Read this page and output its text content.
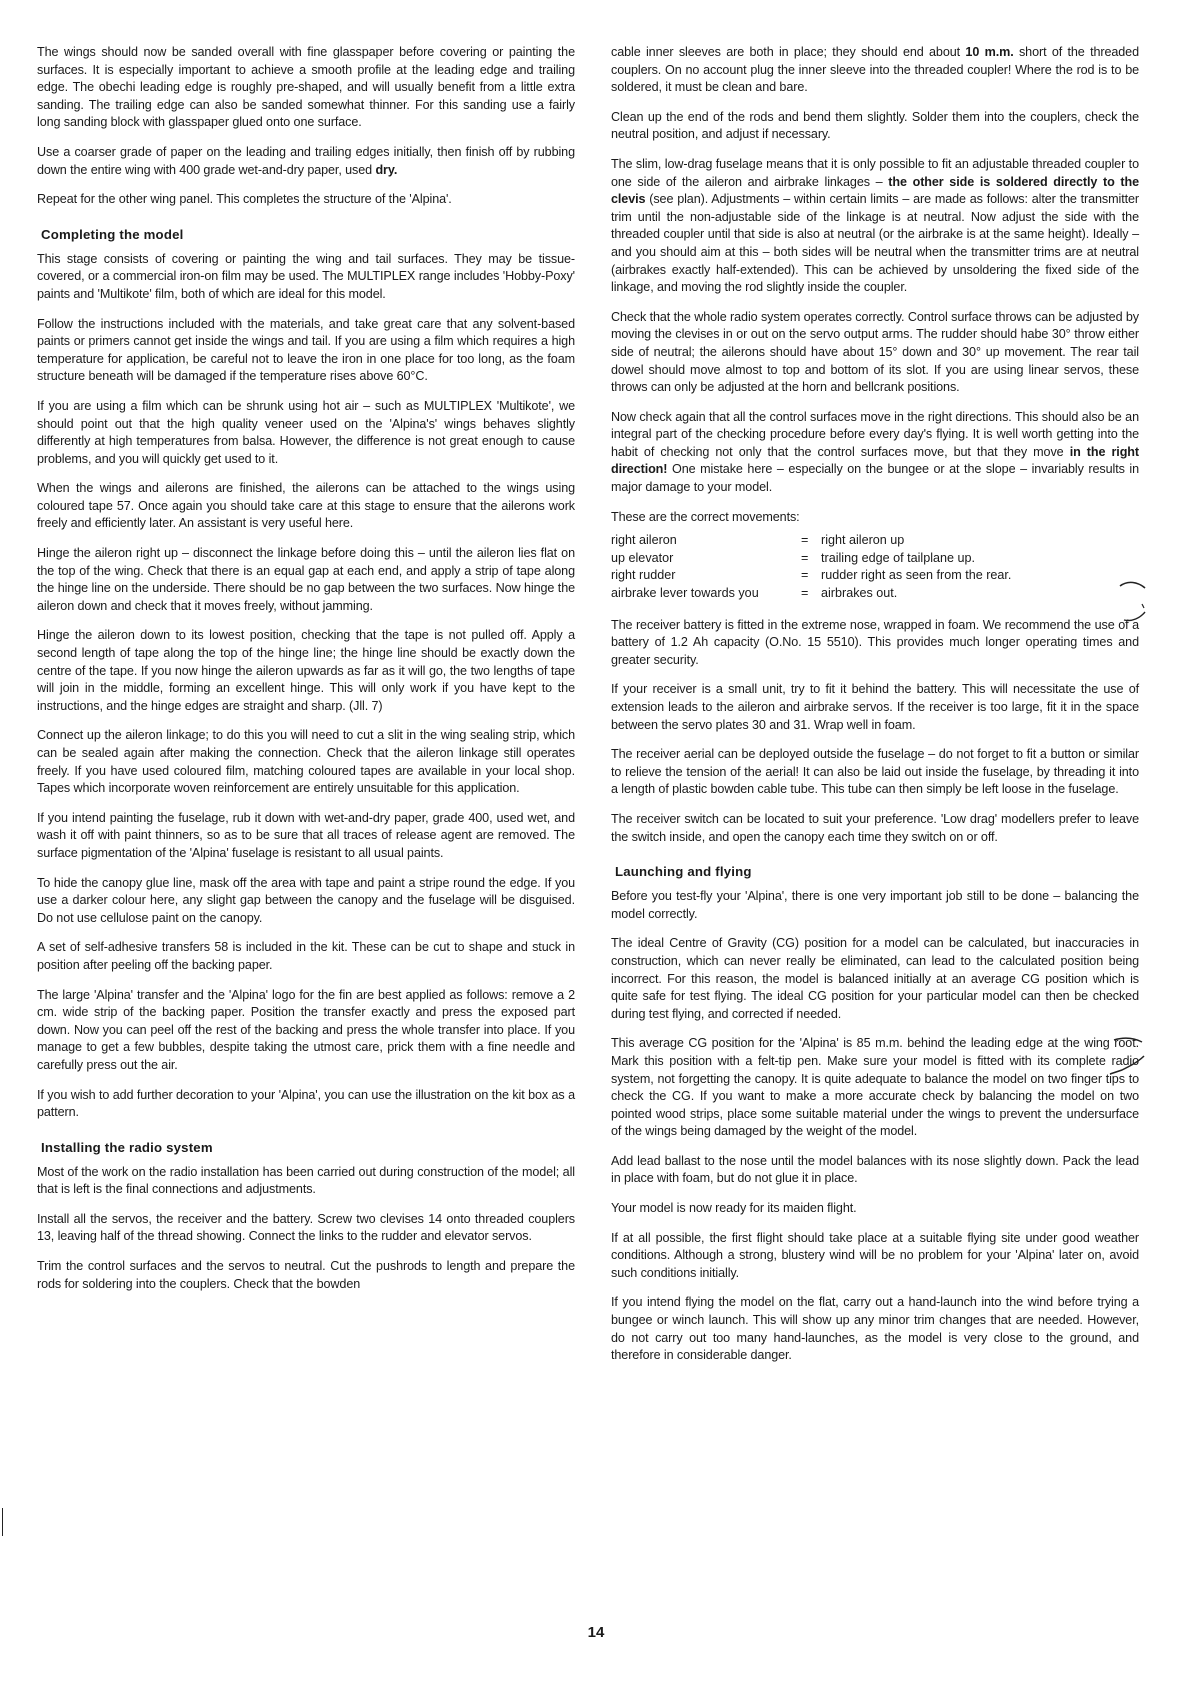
The wings should now be sanded overall with fine glasspaper before covering or painting the surfaces. It is especially important to achieve a smooth profile at the leading edge and trailing edge. The obechi leading edge is roughly pre-shaped, and will usually benefit from a little extra sanding. The trailing edge can also be sanded somewhat thinner. For this sanding use a fairly long sanding block with glasspaper glued onto one surface.

Use a coarser grade of paper on the leading and trailing edges initially, then finish off by rubbing down the entire wing with 400 grade wet-and-dry paper, used dry.

Repeat for the other wing panel. This completes the structure of the 'Alpina'.

Completing the model

This stage consists of covering or painting the wing and tail surfaces. They may be tissue-covered, or a commercial iron-on film may be used. The MULTIPLEX range includes 'Hobby-Poxy' paints and 'Multikote' film, both of which are ideal for this model.

Follow the instructions included with the materials, and take great care that any solvent-based paints or primers cannot get inside the wings and tail. If you are using a film which requires a high temperature for application, be careful not to leave the iron in one place for too long, as the foam structure beneath will be damaged if the temperature rises above 60°C.

If you are using a film which can be shrunk using hot air – such as MULTIPLEX 'Multikote', we should point out that the high quality veneer used on the 'Alpina's' wings behaves slightly differently at high temperatures from balsa. However, the difference is not great enough to cause problems, and you will quickly get used to it.

When the wings and ailerons are finished, the ailerons can be attached to the wings using coloured tape 57. Once again you should take care at this stage to ensure that the ailerons work freely and efficiently later. An assistant is very useful here.

Hinge the aileron right up – disconnect the linkage before doing this – until the aileron lies flat on the top of the wing. Check that there is an equal gap at each end, and apply a strip of tape along the hinge line on the underside. There should be no gap between the two surfaces. Now hinge the aileron down and check that it moves freely, without jamming.

Hinge the aileron down to its lowest position, checking that the tape is not pulled off. Apply a second length of tape along the top of the hinge line; the hinge line should be exactly down the centre of the tape. If you now hinge the aileron upwards as far as it will go, the two lengths of tape will join in the middle, forming an excellent hinge. This will only work if you have kept to the instructions, and the hinge edges are straight and sharp. (Jll. 7)

Connect up the aileron linkage; to do this you will need to cut a slit in the wing sealing strip, which can be sealed again after making the connection. Check that the aileron linkage still operates freely. If you have used coloured film, matching coloured tapes are available in your local shop. Tapes which incorporate woven reinforcement are entirely unsuitable for this application.

If you intend painting the fuselage, rub it down with wet-and-dry paper, grade 400, used wet, and wash it off with paint thinners, so as to be sure that all traces of release agent are removed. The surface pigmentation of the 'Alpina' fuselage is resistant to all usual paints.

To hide the canopy glue line, mask off the area with tape and paint a stripe round the edge. If you use a darker colour here, any slight gap between the canopy and the fuselage will be disguised. Do not use cellulose paint on the canopy.

A set of self-adhesive transfers 58 is included in the kit. These can be cut to shape and stuck in position after peeling off the backing paper.

The large 'Alpina' transfer and the 'Alpina' logo for the fin are best applied as follows: remove a 2 cm. wide strip of the backing paper. Position the transfer exactly and press the exposed part down. Now you can peel off the rest of the backing and press the whole transfer into place. If you manage to get a few bubbles, despite taking the utmost care, prick them with a fine needle and carefully press out the air.

If you wish to add further decoration to your 'Alpina', you can use the illustration on the kit box as a pattern.

Installing the radio system

Most of the work on the radio installation has been carried out during construction of the model; all that is left is the final connections and adjustments.

Install all the servos, the receiver and the battery. Screw two clevises 14 onto threaded couplers 13, leaving half of the thread showing. Connect the links to the rudder and elevator servos.

Trim the control surfaces and the servos to neutral. Cut the pushrods to length and prepare the rods for soldering into the couplers. Check that the bowden

cable inner sleeves are both in place; they should end about 10 m.m. short of the threaded couplers. On no account plug the inner sleeve into the threaded coupler! Where the rod is to be soldered, it must be clean and bare.

Clean up the end of the rods and bend them slightly. Solder them into the couplers, check the neutral position, and adjust if necessary.

The slim, low-drag fuselage means that it is only possible to fit an adjustable threaded coupler to one side of the aileron and airbrake linkages – the other side is soldered directly to the clevis (see plan). Adjustments – within certain limits – are made as follows: alter the transmitter trim until the non-adjustable side of the linkage is at neutral. Now adjust the side with the threaded coupler until that side is also at neutral (or the airbrake is at the same height). Ideally – and you should aim at this – both sides will be neutral when the transmitter trims are at neutral (airbrakes exactly half-extended). This can be achieved by unsoldering the fixed side of the linkage, and moving the rod slightly inside the coupler.

Check that the whole radio system operates correctly. Control surface throws can be adjusted by moving the clevises in or out on the servo output arms. The rudder should habe 30° throw either side of neutral; the ailerons should have about 15° down and 30° up movement. The rear tail dowel should move almost to top and bottom of its slot. If you are using linear servos, these throws can only be adjusted at the horn and bellcrank positions.

Now check again that all the control surfaces move in the right directions. This should also be an integral part of the checking procedure before every day's flying. It is well worth getting into the habit of checking not only that the control surfaces move, but that they move in the right direction! One mistake here – especially on the bungee or at the slope – invariably results in major damage to your model.

These are the correct movements:

right aileron	=	right aileron up
up elevator	=	trailing edge of tailplane up.
right rudder	=	rudder right as seen from the rear.
airbrake lever towards you	=	airbrakes out.

The receiver battery is fitted in the extreme nose, wrapped in foam. We recommend the use of a battery of 1.2 Ah capacity (O.No. 15 5510). This provides much longer operating times and greater security.

If your receiver is a small unit, try to fit it behind the battery. This will necessitate the use of extension leads to the aileron and airbrake servos. If the receiver is too large, fit it in the space between the servo plates 30 and 31. Wrap well in foam.

The receiver aerial can be deployed outside the fuselage – do not forget to fit a button or similar to relieve the tension of the aerial! It can also be laid out inside the fuselage, by threading it into a length of plastic bowden cable tube. This tube can then simply be left loose in the fuselage.

The receiver switch can be located to suit your preference. 'Low drag' modellers prefer to leave the switch inside, and open the canopy each time they switch on or off.

Launching and flying

Before you test-fly your 'Alpina', there is one very important job still to be done – balancing the model correctly.

The ideal Centre of Gravity (CG) position for a model can be calculated, but inaccuracies in construction, which can never really be eliminated, can lead to the calculated position being incorrect. For this reason, the model is balanced initially at an average CG position which is quite safe for test flying. The ideal CG position for your particular model can then be checked during test flying, and corrected if needed.

This average CG position for the 'Alpina' is 85 m.m. behind the leading edge at the wing root. Mark this position with a felt-tip pen. Make sure your model is fitted with its complete radio system, not forgetting the canopy. It is quite adequate to balance the model on two finger tips to check the CG. If you want to make a more accurate check by balancing the model on two pointed wood strips, place some suitable material under the wings to prevent the undersurface of the wings being damaged by the weight of the model.

Add lead ballast to the nose until the model balances with its nose slightly down. Pack the lead in place with foam, but do not glue it in place.

Your model is now ready for its maiden flight.

If at all possible, the first flight should take place at a suitable flying site under good weather conditions. Although a strong, blustery wind will be no problem for your 'Alpina' later on, avoid such conditions initially.

If you intend flying the model on the flat, carry out a hand-launch into the wind before trying a bungee or winch launch. This will show up any minor trim changes that are needed. However, do not carry out too many hand-launches, as the model is very close to the ground, and therefore in considerable danger.

14
